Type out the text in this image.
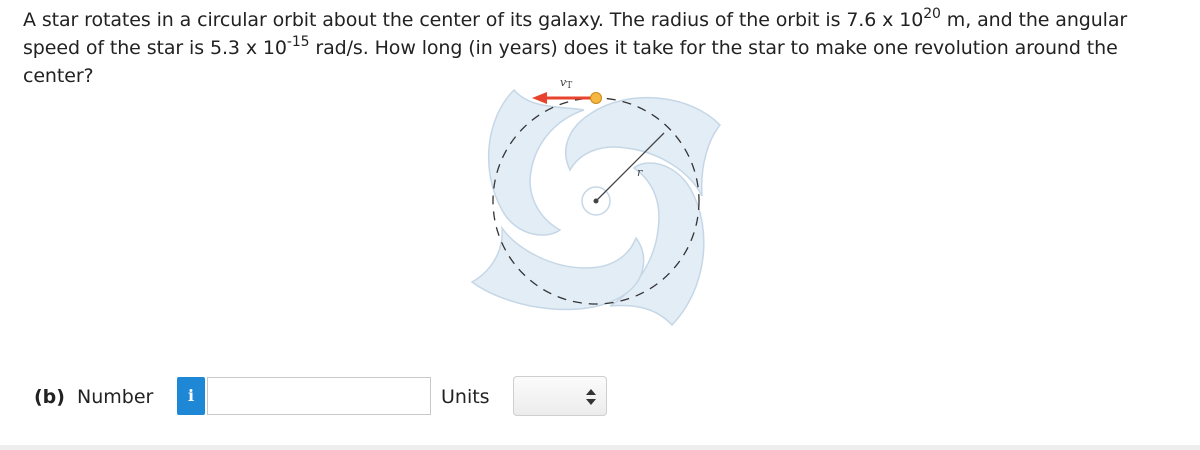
A star rotates in a circular orbit about the center of its galaxy. The radius of the orbit is 7.6 x $10^{20}$ m, and the angular speed of the star is 5.3 x $10^{-15}$ rad/s. How long (in years) does it take for the star to make one revolution around the center?
r
vT
(b) Number	i	Units
